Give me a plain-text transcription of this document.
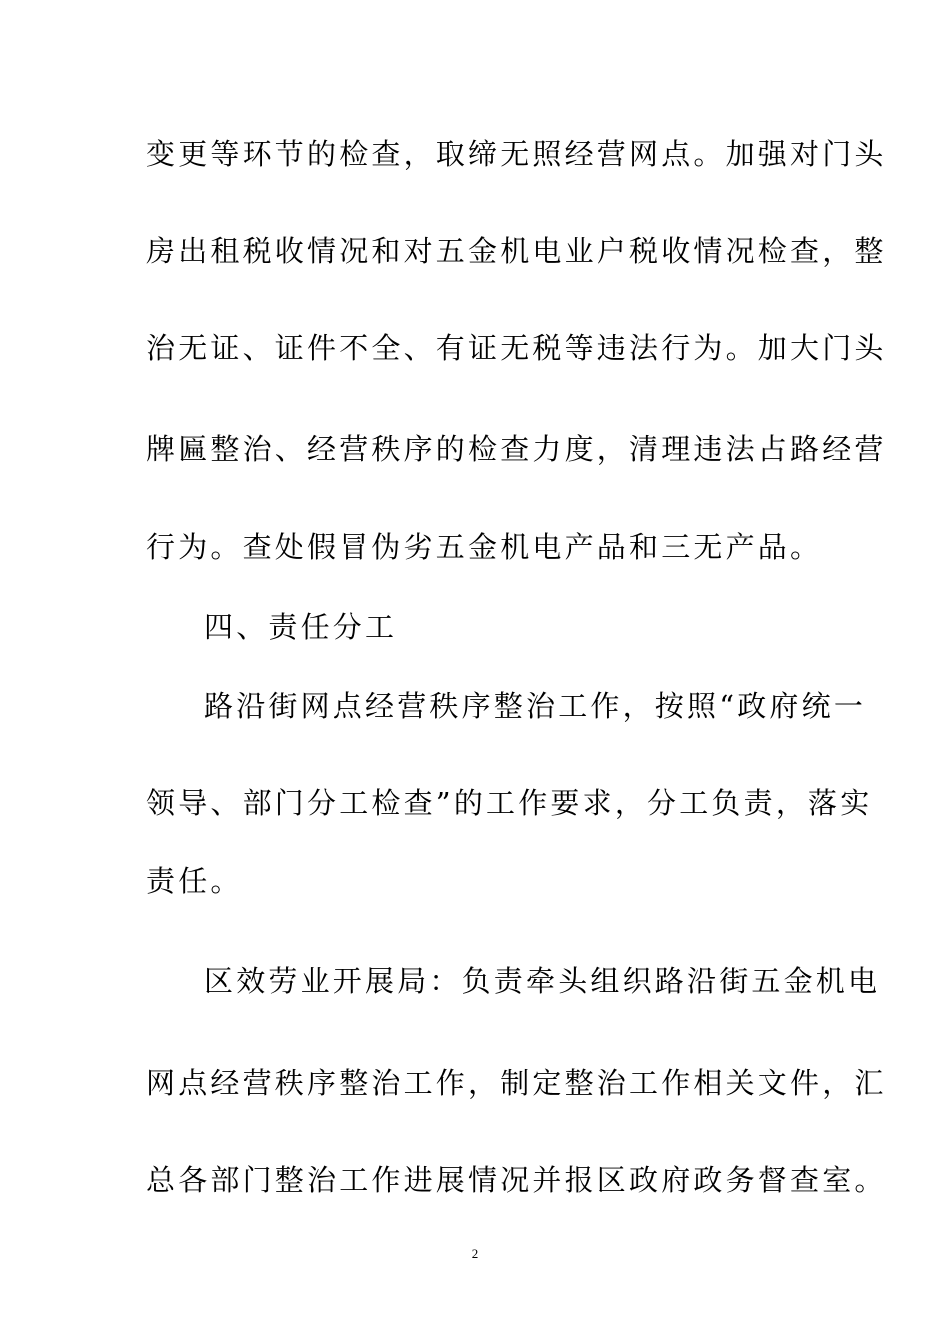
变更等环节的检查，取缔无照经营网点。加强对门头
房出租税收情况和对五金机电业户税收情况检查，整
治无证、证件不全、有证无税等违法行为。加大门头
牌匾整治、经营秩序的检查力度，清理违法占路经营
行为。查处假冒伪劣五金机电产品和三无产品。
四、责任分工
路沿街网点经营秩序整治工作，按照“政府统一
领导、部门分工检查”的工作要求，分工负责，落实
责任。
区效劳业开展局：负责牵头组织路沿街五金机电
网点经营秩序整治工作，制定整治工作相关文件，汇
总各部门整治工作进展情况并报区政府政务督查室。
2
